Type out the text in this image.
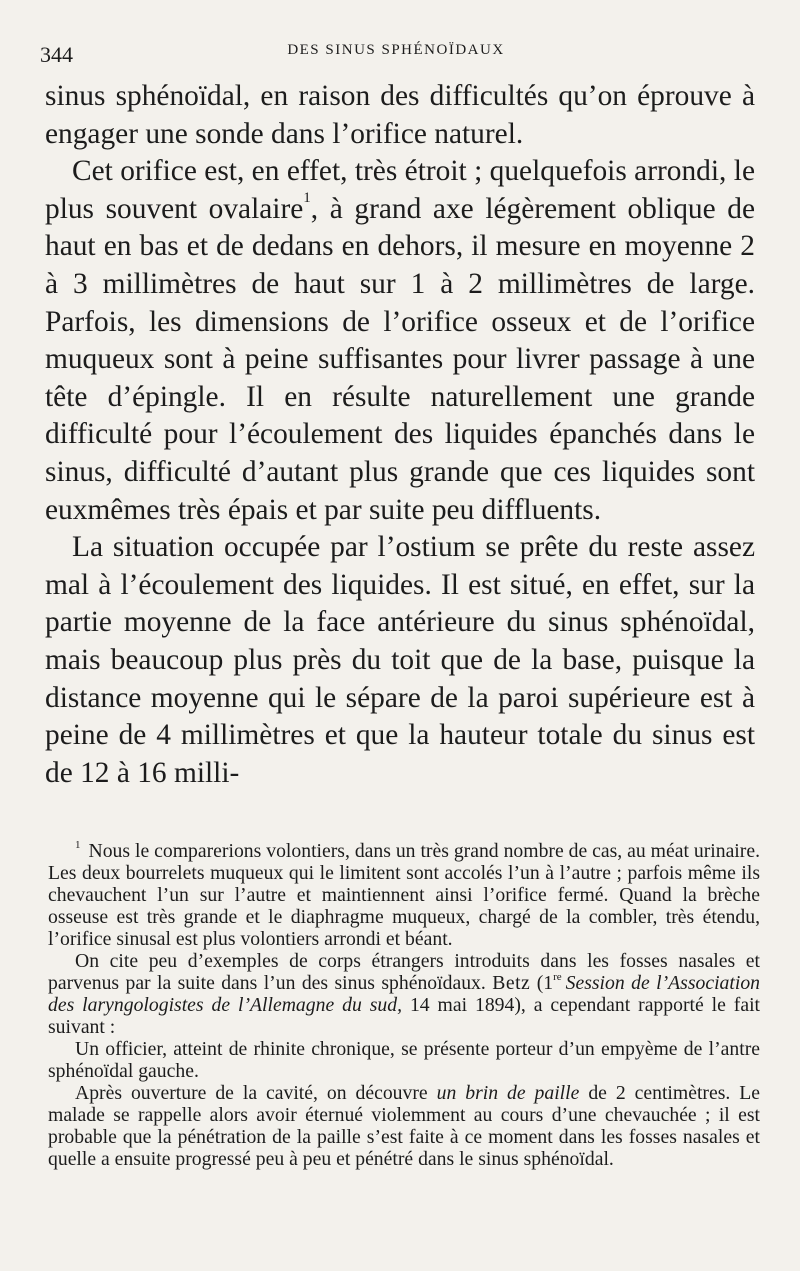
344	DES SINUS SPHÉNOÏDAUX

sinus sphénoïdal, en raison des difficultés qu’on éprouve à engager une sonde dans l’orifice naturel.

Cet orifice est, en effet, très étroit ; quelquefois arrondi, le plus souvent ovalaire$^1$, à grand axe légèrement oblique de haut en bas et de dedans en dehors, il mesure en moyenne 2 à 3 millimètres de haut sur 1 à 2 millimètres de large. Parfois, les dimensions de l’orifice osseux et de l’orifice muqueux sont à peine suffisantes pour livrer passage à une tête d’épingle. Il en résulte naturellement une grande difficulté pour l’écoulement des liquides épanchés dans le sinus, difficulté d’autant plus grande que ces liquides sont euxmêmes très épais et par suite peu diffluents.

La situation occupée par l’ostium se prête du reste assez mal à l’écoulement des liquides. Il est situé, en effet, sur la partie moyenne de la face antérieure du sinus sphénoïdal, mais beaucoup plus près du toit que de la base, puisque la distance moyenne qui le sépare de la paroi supérieure est à peine de 4 millimètres et que la hauteur totale du sinus est de 12 à 16 milli-

$^1$ Nous le comparerions volontiers, dans un très grand nombre de cas, au méat urinaire. Les deux bourrelets muqueux qui le limitent sont accolés l’un à l’autre ; parfois même ils chevauchent l’un sur l’autre et maintiennent ainsi l’orifice fermé. Quand la brèche osseuse est très grande et le diaphragme muqueux, chargé de la combler, très étendu, l’orifice sinusal est plus volontiers arrondi et béant.

On cite peu d’exemples de corps étrangers introduits dans les fosses nasales et parvenus par la suite dans l’un des sinus sphénoïdaux. Betz (1re Session de l’Association des laryngologistes de l’Allemagne du sud, 14 mai 1894), a cependant rapporté le fait suivant :

Un officier, atteint de rhinite chronique, se présente porteur d’un empyème de l’antre sphénoïdal gauche.

Après ouverture de la cavité, on découvre un brin de paille de 2 centimètres. Le malade se rappelle alors avoir éternué violemment au cours d’une chevauchée ; il est probable que la pénétration de la paille s’est faite à ce moment dans les fosses nasales et quelle a ensuite progressé peu à peu et pénétré dans le sinus sphénoïdal.
